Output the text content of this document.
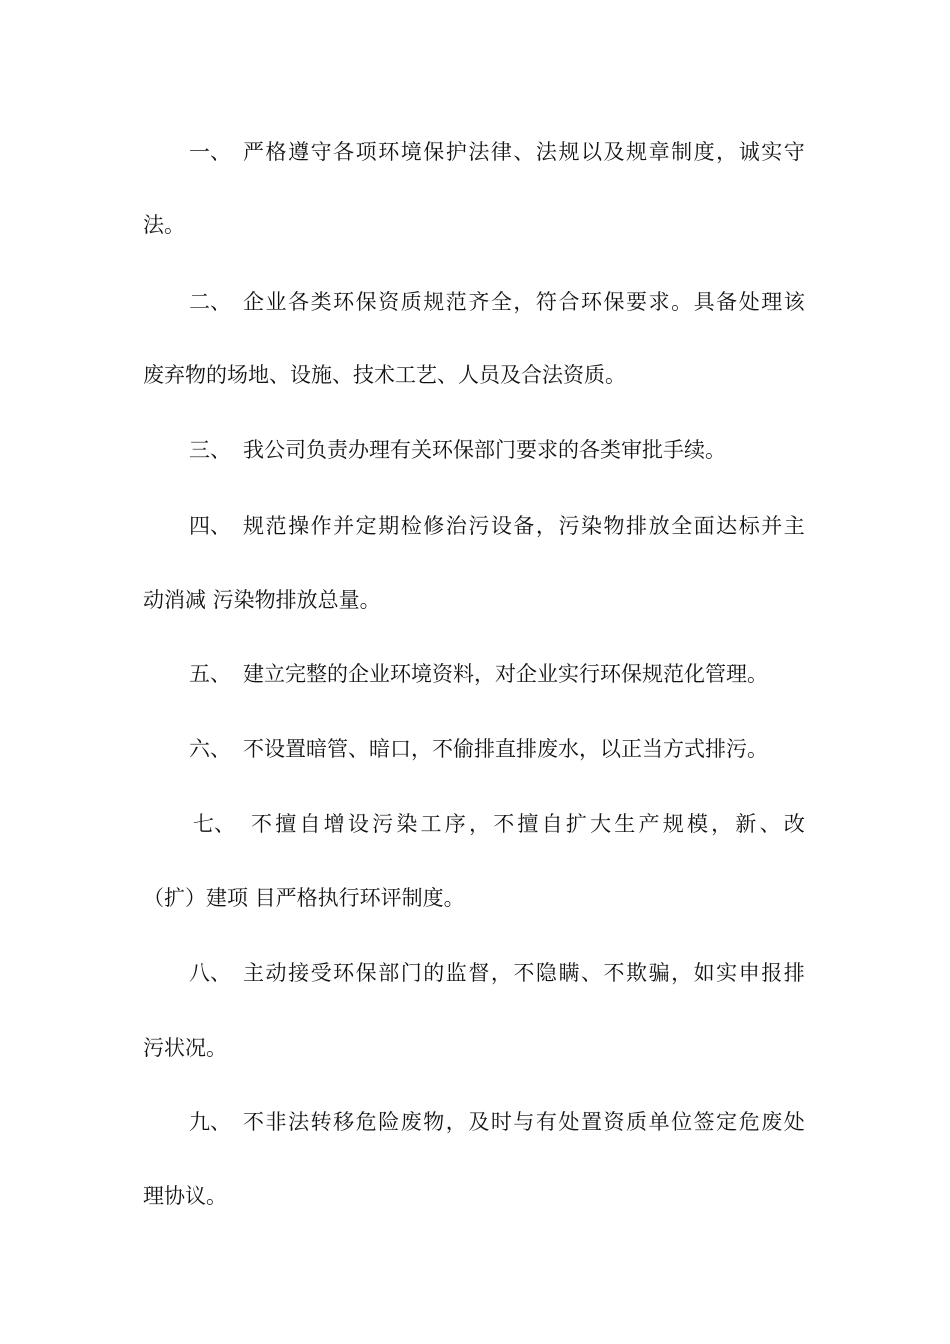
一、 严 格 遵 守 各 项 环 境 保 护 法 律 、 法 规 以 及 规 章 制 度 ， 诚 实 守
法。
二、 企 业 各 类 环 保 资 质 规 范 齐 全 ， 符 合 环 保 要 求 。 具 备 处 理 该
废弃物的场地、设施、技术工艺、人员及合法资质。
三、 我公司负责办理有关环保部门要求的各类审批手续。
四、 规 范 操 作 并 定 期 检 修 治 污 设 备 ， 污 染 物 排 放 全 面 达 标 并 主
动消减 污染物排放总量。
五、 建立完整的企业环境资料，对企业实行环保规范化管理。
六、 不设置暗管、暗口，不偷排直排废水，以正当方式排污。
七、 不 擅 自 增 设 污 染 工 序 ， 不 擅 自 扩 大 生 产 规 模 ， 新 、 改
（扩）建项 目严格执行环评制度。
八、 主 动 接 受 环 保 部 门 的 监 督 ， 不 隐 瞒 、 不 欺 骗 ， 如 实 申 报 排
污状况。
九、 不 非 法 转 移 危 险 废 物 ， 及 时 与 有 处 置 资 质 单 位 签 定 危 废 处
理协议。
